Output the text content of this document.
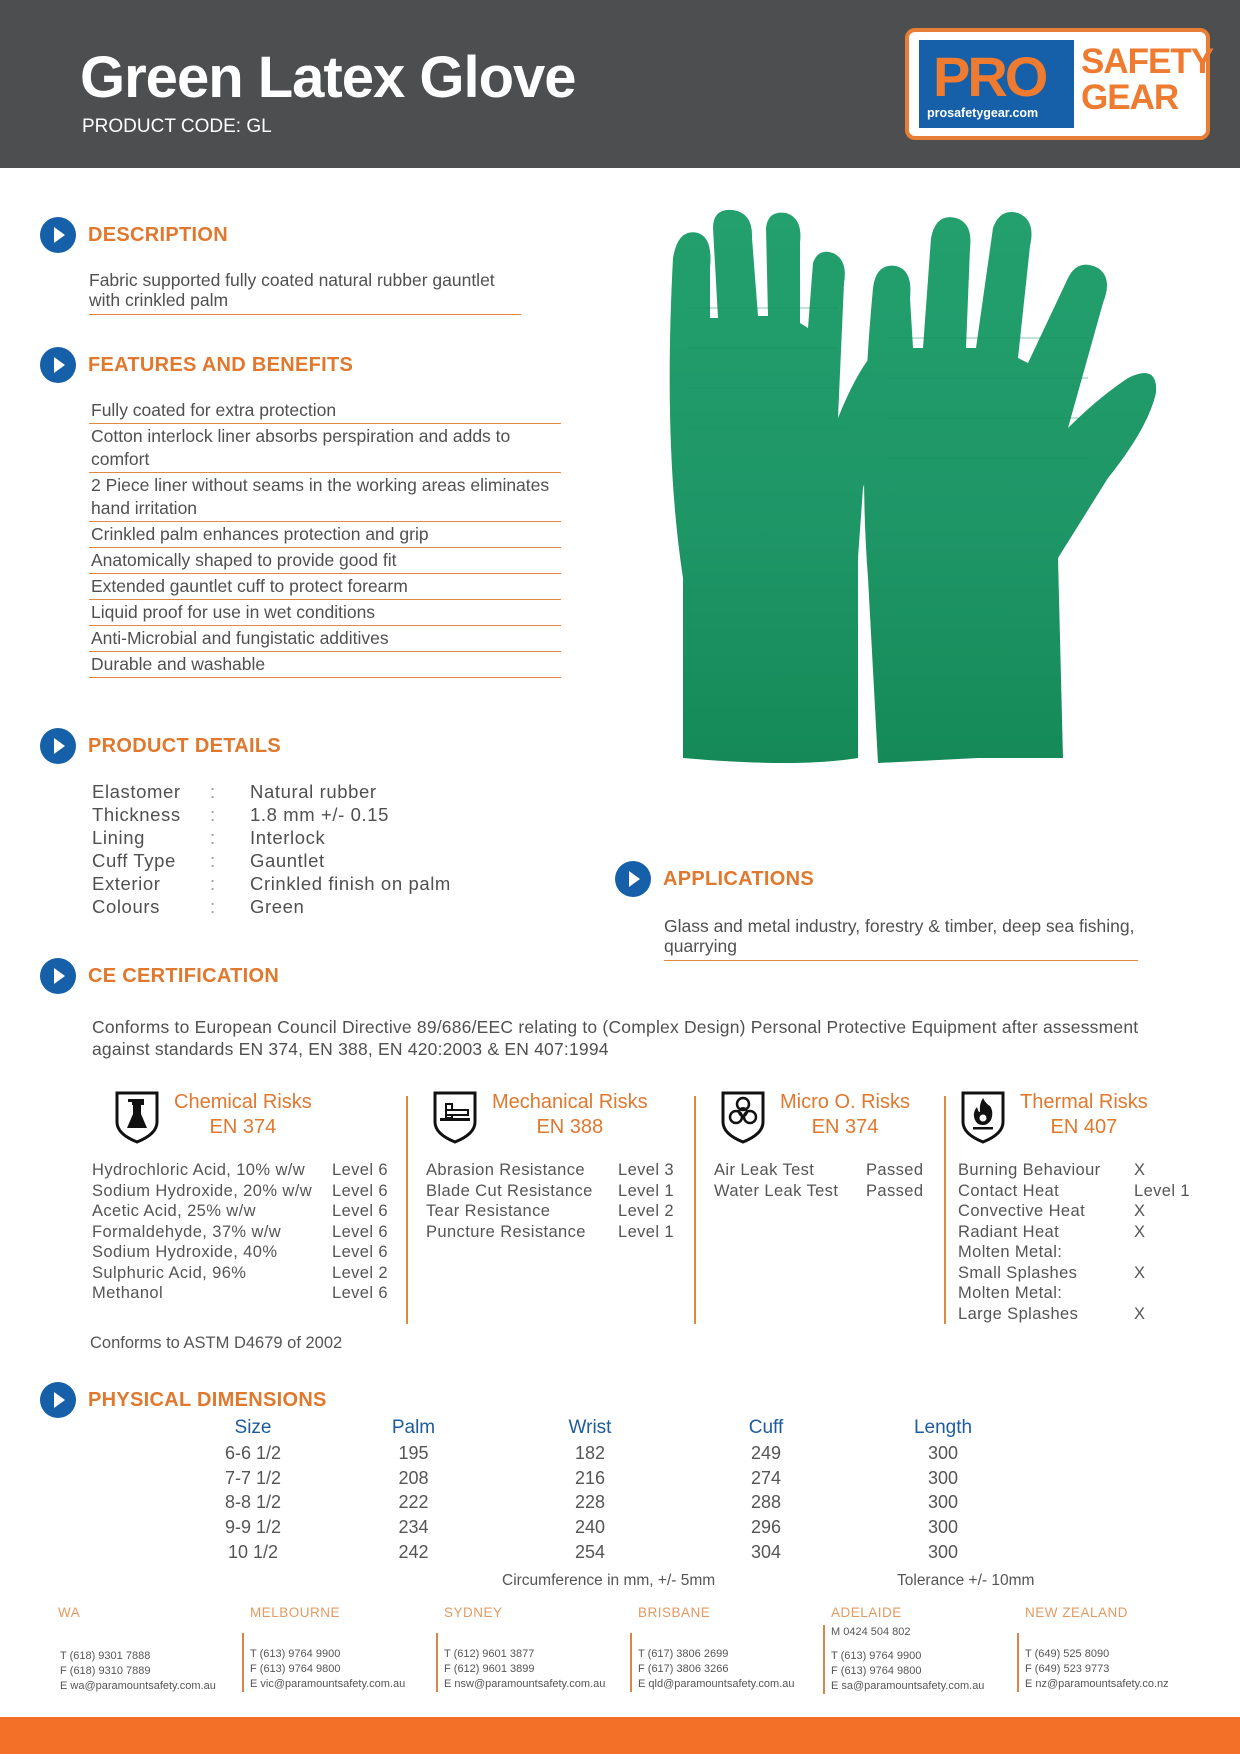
Green Latex Glove
PRODUCT CODE: GL
PRO
prosafetygear.com
SAFETY
GEAR
DESCRIPTION
Fabric supported fully coated natural rubber gauntlet with crinkled palm
FEATURES AND BENEFITS
Fully coated for extra protection
Cotton interlock liner absorbs perspiration and adds to comfort
2 Piece liner without seams in the working areas eliminates hand irritation
Crinkled palm enhances protection and grip
Anatomically shaped to provide good fit
Extended gauntlet cuff to protect forearm
Liquid proof for use in wet conditions
Anti-Microbial and fungistatic additives
Durable and washable
PRODUCT DETAILS
Elastomer	:	Natural rubber
Thickness	:	1.8 mm +/- 0.15
Lining	:	Interlock
Cuff Type	:	Gauntlet
Exterior	:	Crinkled finish on palm
Colours	:	Green
APPLICATIONS
Glass and metal industry, forestry & timber, deep sea fishing, quarrying
CE CERTIFICATION
Conforms to European Council Directive 89/686/EEC relating to (Complex Design) Personal Protective Equipment after assessment against standards EN 374, EN 388, EN 420:2003 & EN 407:1994
Chemical Risks
EN 374
Hydrochloric Acid, 10% w/w	Level 6
Sodium Hydroxide, 20% w/w	Level 6
Acetic Acid, 25% w/w	Level 6
Formaldehyde, 37% w/w	Level 6
Sodium Hydroxide, 40%	Level 6
Sulphuric Acid, 96%	Level 2
Methanol	Level 6
Mechanical Risks
EN 388
Abrasion Resistance	Level 3
Blade Cut Resistance	Level 1
Tear Resistance	Level 2
Puncture Resistance	Level 1
Micro O. Risks
EN 374
Air Leak Test	Passed
Water Leak Test	Passed
Thermal Risks
EN 407
Burning Behaviour	X
Contact Heat	Level 1
Convective Heat	X
Radiant Heat	X
Molten Metal:
Small Splashes	X
Molten Metal:
Large Splashes	X
Conforms to ASTM D4679 of 2002
PHYSICAL DIMENSIONS
Size	Palm	Wrist	Cuff	Length
6-6 1/2	195	182	249	300
7-7 1/2	208	216	274	300
8-8 1/2	222	228	288	300
9-9 1/2	234	240	296	300
10 1/2	242	254	304	300
Circumference in mm, +/- 5mm	Tolerance +/- 10mm
WA
T (618) 9301 7888
F (618) 9310 7889
E wa@paramountsafety.com.au
MELBOURNE
T (613) 9764 9900
F (613) 9764 9800
E vic@paramountsafety.com.au
SYDNEY
T (612) 9601 3877
F (612) 9601 3899
E nsw@paramountsafety.com.au
BRISBANE
T (617) 3806 2699
F (617) 3806 3266
E qld@paramountsafety.com.au
ADELAIDE
M 0424 504 802
T (613) 9764 9900
F (613) 9764 9800
E sa@paramountsafety.com.au
NEW ZEALAND
T (649) 525 8090
F (649) 523 9773
E nz@paramountsafety.co.nz
